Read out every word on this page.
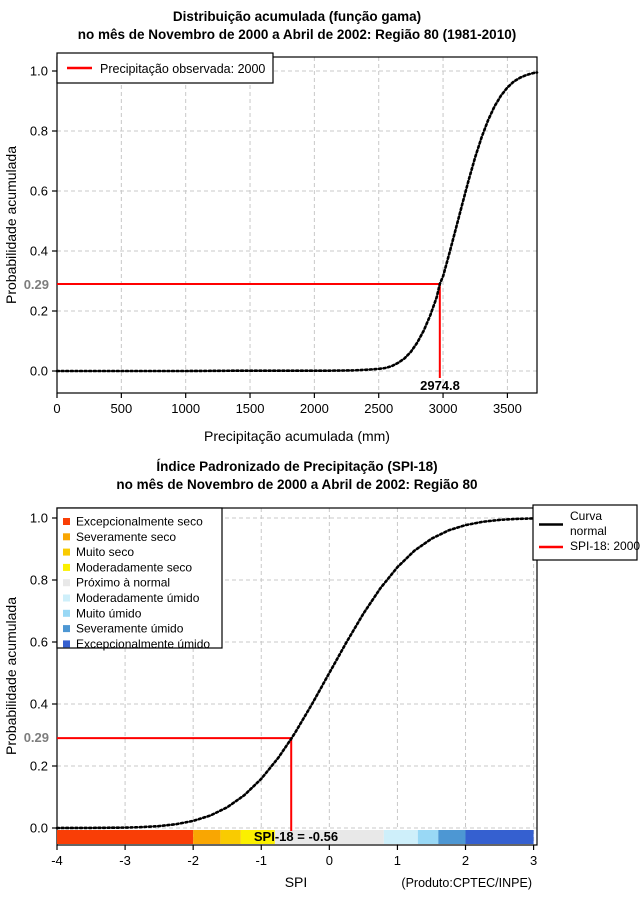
0	500	1000	1500	2000	2500	3000	3500
0.0
0.2
0.4
0.6
0.8
1.0
Distribuição acumulada (função gama)
no mês de Novembro de 2000 a Abril de 2002: Região 80 (1981-2010)
Precipitação acumulada (mm)
Probabilidade acumulada
Precipitação observada: 2000
0.29
2974.8
-4	-3	-2	-1	0	1	2	3
0.0
0.2
0.4
0.6
0.8
1.0 Excepcionalmente seco
Severamente seco
Muito seco
Moderadamente seco
Próximo à normal
Moderadamente úmido
Muito úmido
Severamente úmido
Excepcionalmente úmido
Curva
normal
SPI-18: 2000
Índice Padronizado de Precipitação (SPI-18)
no mês de Novembro de 2000 a Abril de 2002: Região 80
SPI
Probabilidade acumulada
(Produto:CPTEC/INPE)
0.29
SPI-18 = -0.56
